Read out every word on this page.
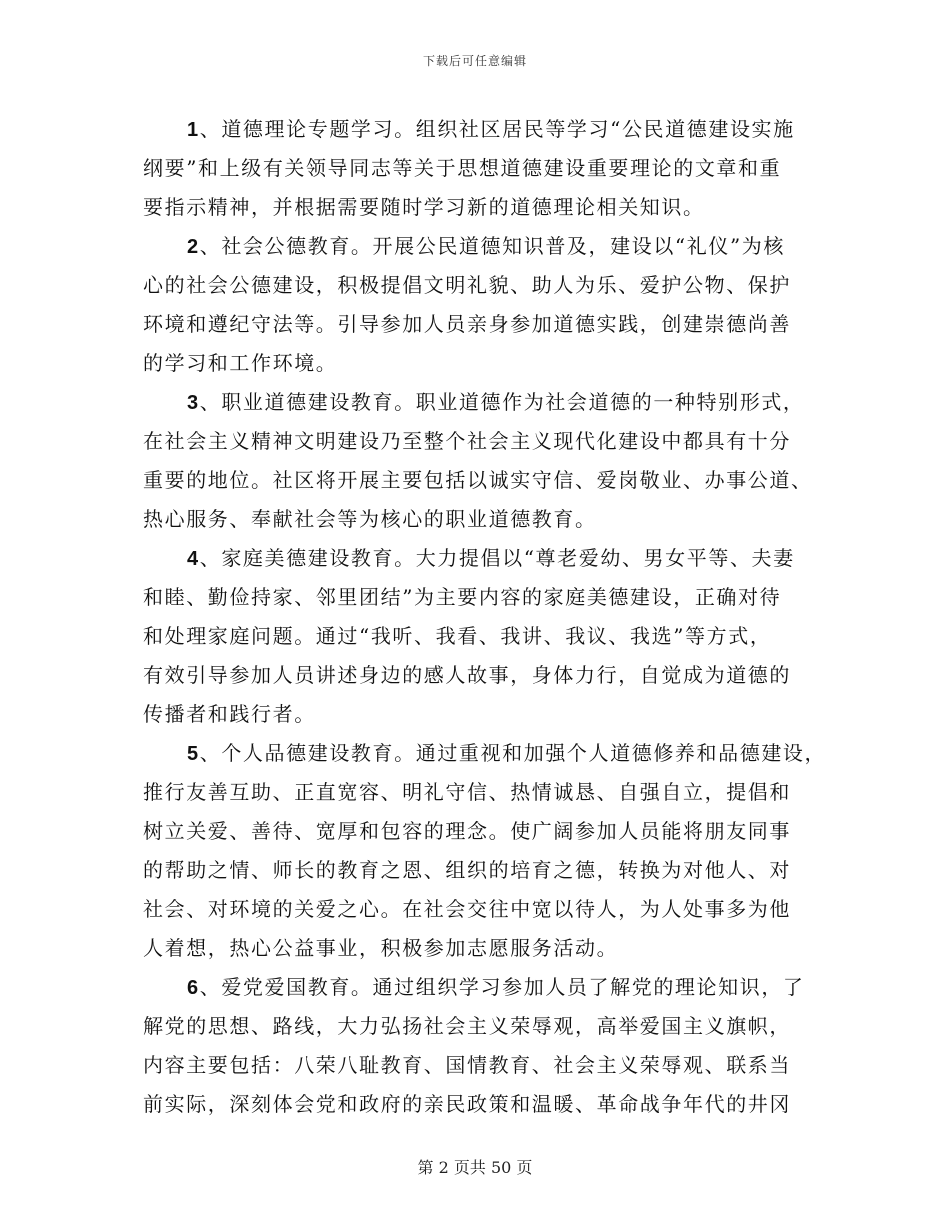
下载后可任意编辑
1、道德理论专题学习。组织社区居民等学习“公民道德建设实施
纲要”和上级有关领导同志等关于思想道德建设重要理论的文章和重
要指示精神，并根据需要随时学习新的道德理论相关知识。
2、社会公德教育。开展公民道德知识普及，建设以“礼仪”为核
心的社会公德建设，积极提倡文明礼貌、助人为乐、爱护公物、保护
环境和遵纪守法等。引导参加人员亲身参加道德实践，创建崇德尚善
的学习和工作环境。
3、职业道德建设教育。职业道德作为社会道德的一种特别形式，
在社会主义精神文明建设乃至整个社会主义现代化建设中都具有十分
重要的地位。社区将开展主要包括以诚实守信、爱岗敬业、办事公道、
热心服务、奉献社会等为核心的职业道德教育。
4、家庭美德建设教育。大力提倡以“尊老爱幼、男女平等、夫妻
和睦、勤俭持家、邻里团结”为主要内容的家庭美德建设，正确对待
和处理家庭问题。通过“我听、我看、我讲、我议、我选”等方式，
有效引导参加人员讲述身边的感人故事，身体力行，自觉成为道德的
传播者和践行者。
5、个人品德建设教育。通过重视和加强个人道德修养和品德建设，
推行友善互助、正直宽容、明礼守信、热情诚恳、自强自立，提倡和
树立关爱、善待、宽厚和包容的理念。使广阔参加人员能将朋友同事
的帮助之情、师长的教育之恩、组织的培育之德，转换为对他人、对
社会、对环境的关爱之心。在社会交往中宽以待人，为人处事多为他
人着想，热心公益事业，积极参加志愿服务活动。
6、爱党爱国教育。通过组织学习参加人员了解党的理论知识，了
解党的思想、路线，大力弘扬社会主义荣辱观，高举爱国主义旗帜，
内容主要包括：八荣八耻教育、国情教育、社会主义荣辱观、联系当
前实际，深刻体会党和政府的亲民政策和温暖、革命战争年代的井冈
第 2 页共 50 页
